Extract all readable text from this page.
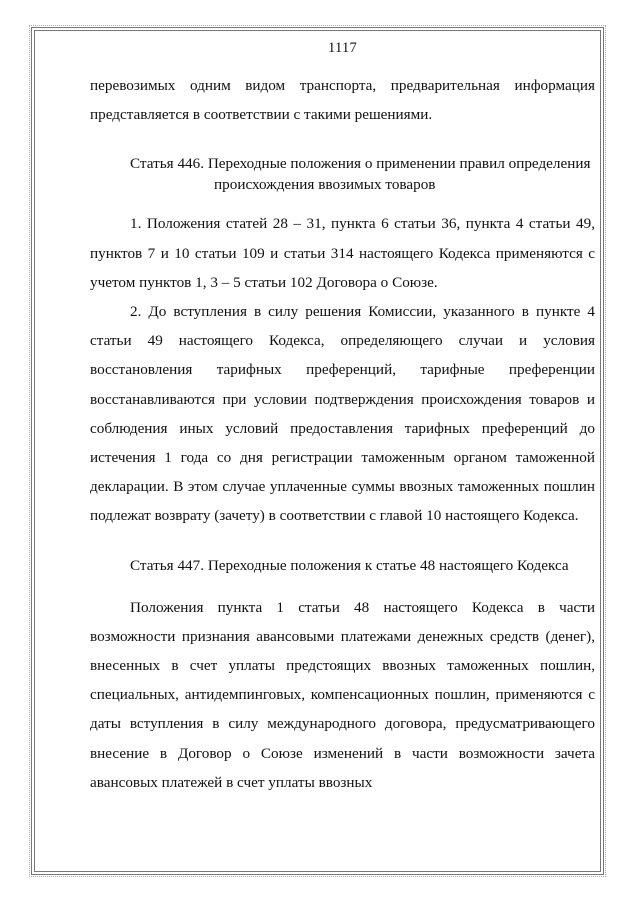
1117

перевозимых одним видом транспорта, предварительная информация представляется в соответствии с такими решениями.

Статья 446. Переходные положения о применении правил определения происхождения ввозимых товаров

1. Положения статей 28 – 31, пункта 6 статьи 36, пункта 4 статьи 49, пунктов 7 и 10 статьи 109 и статьи 314 настоящего Кодекса применяются с учетом пунктов 1, 3 – 5 статьи 102 Договора о Союзе.

2. До вступления в силу решения Комиссии, указанного в пункте 4 статьи 49 настоящего Кодекса, определяющего случаи и условия восстановления тарифных преференций, тарифные преференции восстанавливаются при условии подтверждения происхождения товаров и соблюдения иных условий предоставления тарифных преференций до истечения 1 года со дня регистрации таможенным органом таможенной декларации. В этом случае уплаченные суммы ввозных таможенных пошлин подлежат возврату (зачету) в соответствии с главой 10 настоящего Кодекса.

Статья 447. Переходные положения к статье 48 настоящего Кодекса

Положения пункта 1 статьи 48 настоящего Кодекса в части возможности признания авансовыми платежами денежных средств (денег), внесенных в счет уплаты предстоящих ввозных таможенных пошлин, специальных, антидемпинговых, компенсационных пошлин, применяются с даты вступления в силу международного договора, предусматривающего внесение в Договор о Союзе изменений в части возможности зачета авансовых платежей в счет уплаты ввозных
